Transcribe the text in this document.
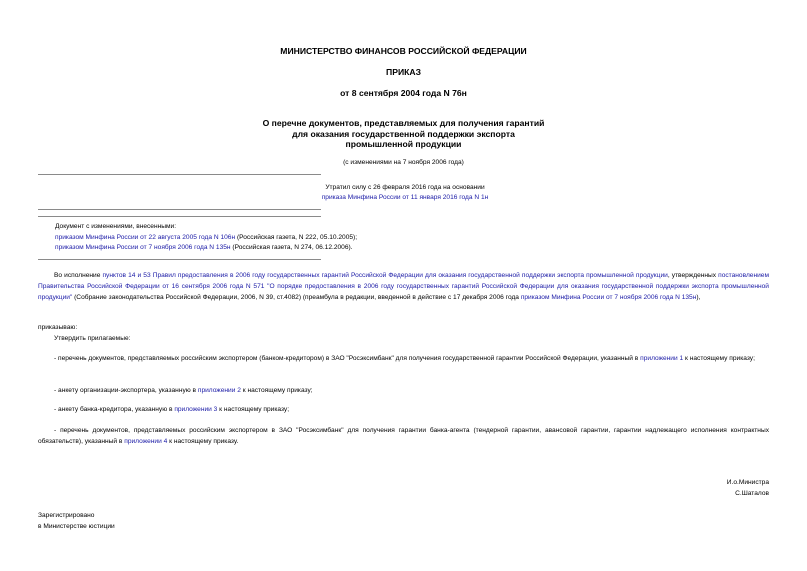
МИНИСТЕРСТВО ФИНАНСОВ РОССИЙСКОЙ ФЕДЕРАЦИИ
ПРИКАЗ
от 8 сентября 2004 года N 76н
О перечне документов, представляемых для получения гарантий
для оказания государственной поддержки экспорта
промышленной продукции
(с изменениями на 7 ноября 2006 года)
Утратил силу с 26 февраля 2016 года на основании
приказа Минфина России от 11 января 2016 года N 1н
Документ с изменениями, внесенными:
приказом Минфина России от 22 августа 2005 года N 106н (Российская газета, N 222, 05.10.2005);
приказом Минфина России от 7 ноября 2006 года N 135н (Российская газета, N 274, 06.12.2006).
Во исполнение пунктов 14 и 53 Правил предоставления в 2006 году государственных гарантий Российской Федерации для оказания государственной поддержки экспорта промышленной продукции, утвержденных постановлением Правительства Российской Федерации от 16 сентября 2006 года N 571 "О порядке предоставления в 2006 году государственных гарантий Российской Федерации для оказания государственной поддержки экспорта промышленной продукции" (Собрание законодательства Российской Федерации, 2006, N 39, ст.4082) (преамбула в редакции, введенной в действие с 17 декабря 2006 года приказом Минфина России от 7 ноября 2006 года N 135н),
приказываю:
Утвердить прилагаемые:
- перечень документов, представляемых российским экспортером (банком-кредитором) в ЗАО "Росэксимбанк" для получения государственной гарантии Российской Федерации, указанный в приложении 1 к настоящему приказу;
- анкету организации-экспортера, указанную в приложении 2 к настоящему приказу;
- анкету банка-кредитора, указанную в приложении 3 к настоящему приказу;
- перечень документов, представляемых российским экспортером в ЗАО "Росэксимбанк" для получения гарантии банка-агента (тендерной гарантии, авансовой гарантии, гарантии надлежащего исполнения контрактных обязательств), указанный в приложении 4 к настоящему приказу.
И.о.Министра
С.Шаталов
Зарегистрировано
в Министерстве юстиции
